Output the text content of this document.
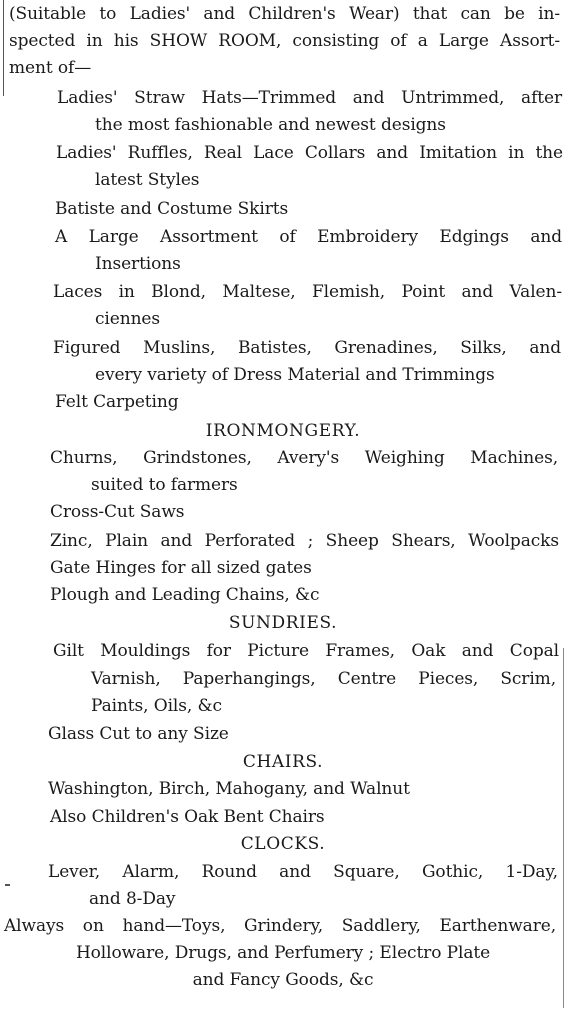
(Suitable to Ladies' and Children's Wear) that can be in-
spected in his SHOW ROOM, consisting of a Large Assort-
ment of—
Ladies' Straw Hats—Trimmed and Untrimmed, after
the most fashionable and newest designs
Ladies' Ruffles, Real Lace Collars and Imitation in the
latest Styles
Batiste and Costume Skirts
A Large Assortment of Embroidery Edgings and
Insertions
Laces in Blond, Maltese, Flemish, Point and Valen-
ciennes
Figured Muslins, Batistes, Grenadines, Silks, and
every variety of Dress Material and Trimmings
Felt Carpeting
IRONMONGERY.
Churns, Grindstones, Avery's Weighing Machines,
suited to farmers
Cross-Cut Saws
Zinc, Plain and Perforated ; Sheep Shears, Woolpacks
Gate Hinges for all sized gates
Plough and Leading Chains, &c
SUNDRIES.
Gilt Mouldings for Picture Frames, Oak and Copal
Varnish, Paperhangings, Centre Pieces, Scrim,
Paints, Oils, &c
Glass Cut to any Size
CHAIRS.
Washington, Birch, Mahogany, and Walnut
Also Children's Oak Bent Chairs
CLOCKS.
Lever, Alarm, Round and Square, Gothic, 1-Day,
and 8-Day
Always on hand—Toys, Grindery, Saddlery, Earthenware,
Holloware, Drugs, and Perfumery ; Electro Plate
and Fancy Goods, &c
